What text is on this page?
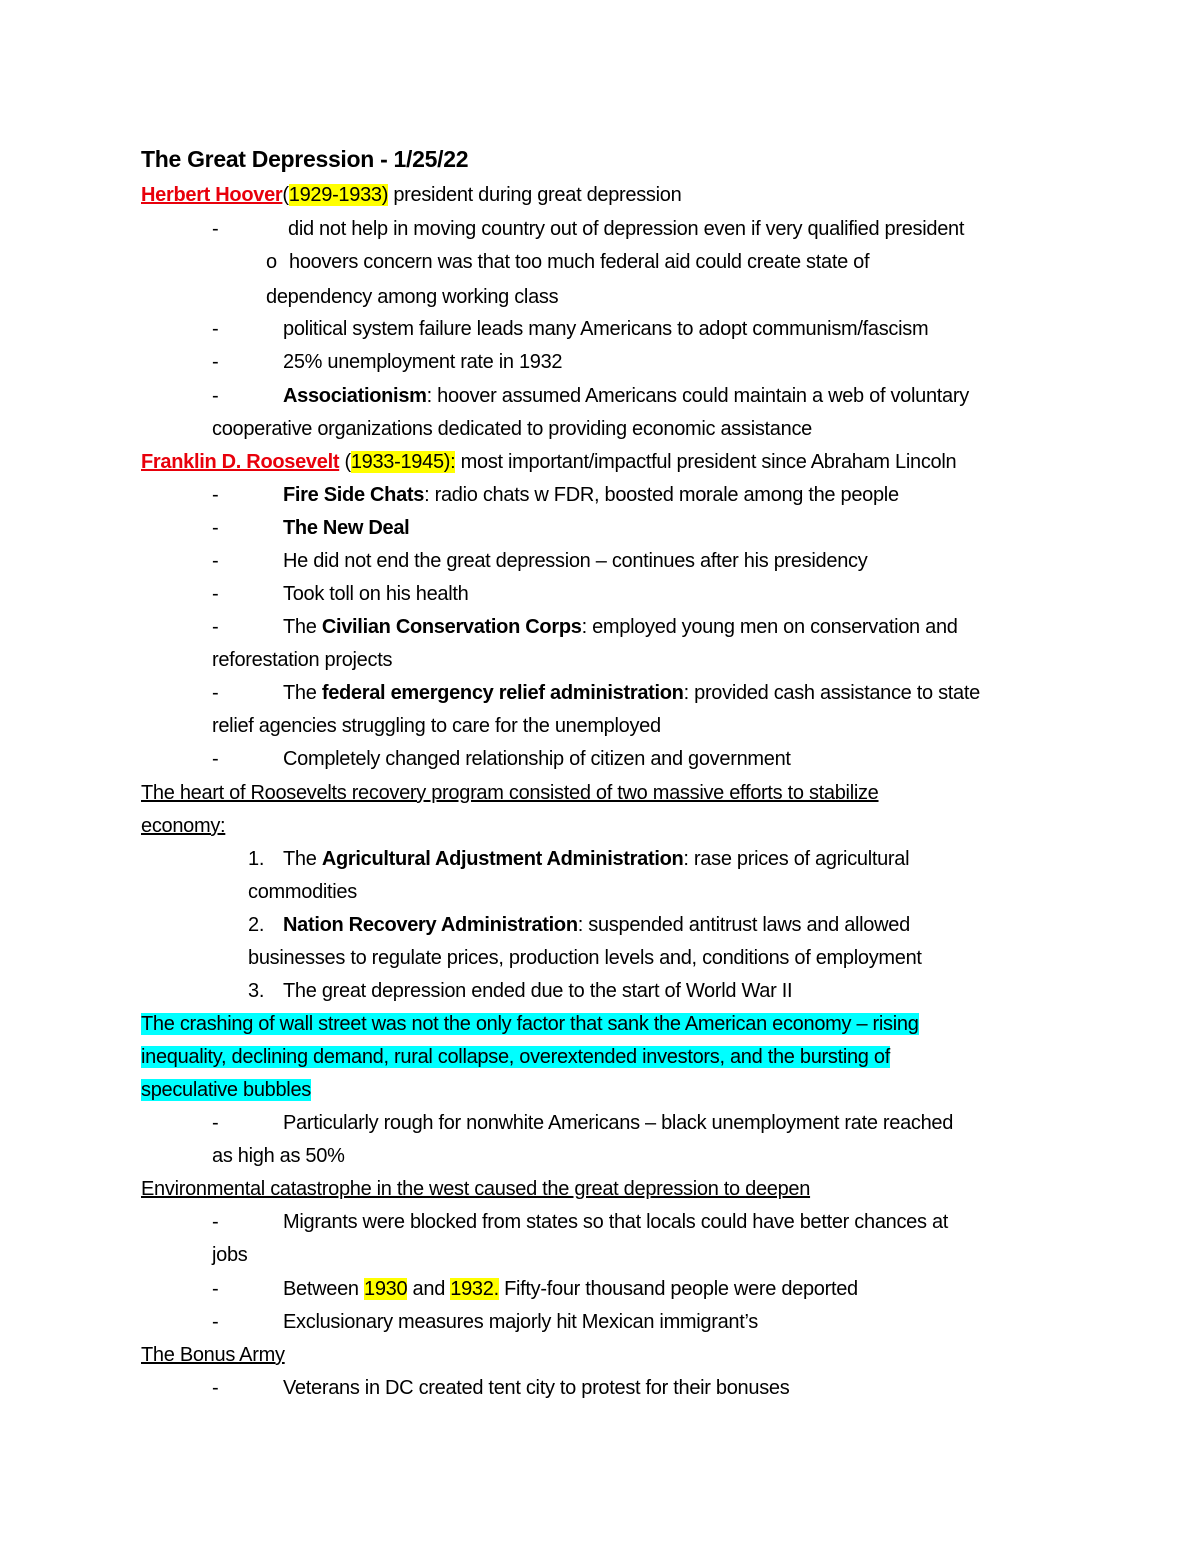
The Great Depression - 1/25/22
Herbert Hoover(1929-1933) president during great depression
-	did not help in moving country out of depression even if very qualified president
o hoovers concern was that too much federal aid could create state of
dependency among working class
-	political system failure leads many Americans to adopt communism/fascism
-	25% unemployment rate in 1932
-	Associationism: hoover assumed Americans could maintain a web of voluntary
cooperative organizations dedicated to providing economic assistance
Franklin D. Roosevelt (1933-1945): most important/impactful president since Abraham Lincoln
-	Fire Side Chats: radio chats w FDR, boosted morale among the people
-	The New Deal
-	He did not end the great depression – continues after his presidency
-	Took toll on his health
-	The Civilian Conservation Corps: employed young men on conservation and
reforestation projects
-	The federal emergency relief administration: provided cash assistance to state
relief agencies struggling to care for the unemployed
-	Completely changed relationship of citizen and government
The heart of Roosevelts recovery program consisted of two massive efforts to stabilize
economy:
1. The Agricultural Adjustment Administration: rase prices of agricultural
commodities
2. Nation Recovery Administration: suspended antitrust laws and allowed
businesses to regulate prices, production levels and, conditions of employment
3. The great depression ended due to the start of World War II
The crashing of wall street was not the only factor that sank the American economy – rising
inequality, declining demand, rural collapse, overextended investors, and the bursting of
speculative bubbles
-	Particularly rough for nonwhite Americans – black unemployment rate reached
as high as 50%
Environmental catastrophe in the west caused the great depression to deepen
-	Migrants were blocked from states so that locals could have better chances at
jobs
-	Between 1930 and 1932. Fifty-four thousand people were deported
-	Exclusionary measures majorly hit Mexican immigrant’s
The Bonus Army
-	Veterans in DC created tent city to protest for their bonuses
